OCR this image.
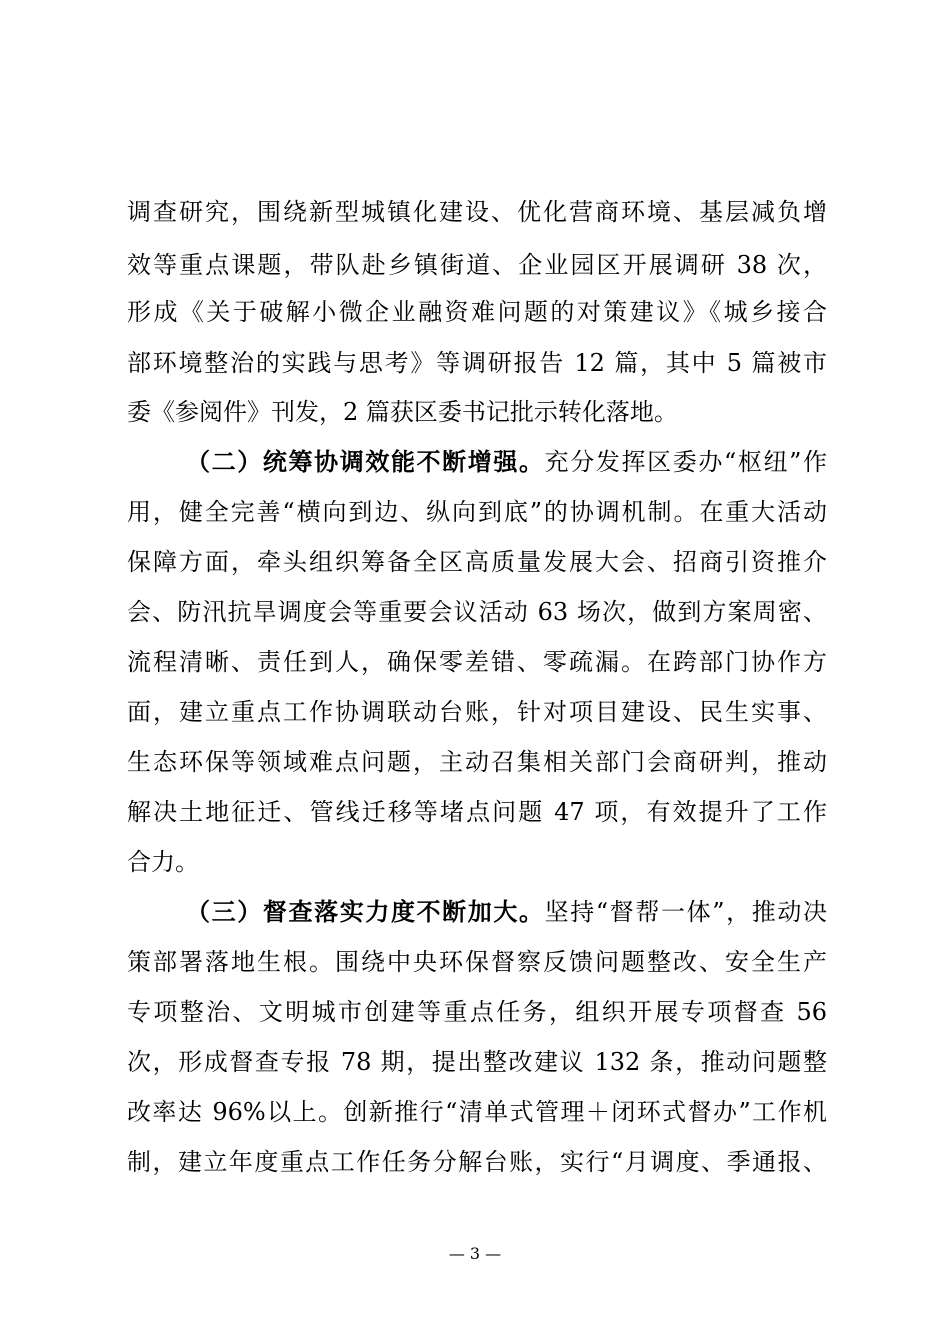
调查研究，围绕新型城镇化建设、优化营商环境、基层减负增
效等重点课题，带队赴乡镇街道、企业园区开展调研 38 次，
形成《关于破解小微企业融资难问题的对策建议》《城乡接合
部环境整治的实践与思考》等调研报告 12 篇，其中 5 篇被市
委《参阅件》刊发，2 篇获区委书记批示转化落地。
（二）统筹协调效能不断增强。充分发挥区委办“枢纽”作
用，健全完善“横向到边、纵向到底”的协调机制。在重大活动
保障方面，牵头组织筹备全区高质量发展大会、招商引资推介
会、防汛抗旱调度会等重要会议活动 63 场次，做到方案周密、
流程清晰、责任到人，确保零差错、零疏漏。在跨部门协作方
面，建立重点工作协调联动台账，针对项目建设、民生实事、
生态环保等领域难点问题，主动召集相关部门会商研判，推动
解决土地征迁、管线迁移等堵点问题 47 项，有效提升了工作
合力。
（三）督查落实力度不断加大。坚持“督帮一体”，推动决
策部署落地生根。围绕中央环保督察反馈问题整改、安全生产
专项整治、文明城市创建等重点任务，组织开展专项督查 56
次，形成督查专报 78 期，提出整改建议 132 条，推动问题整
改率达 96%以上。创新推行“清单式管理＋闭环式督办”工作机
制，建立年度重点工作任务分解台账，实行“月调度、季通报、
— 3 —
